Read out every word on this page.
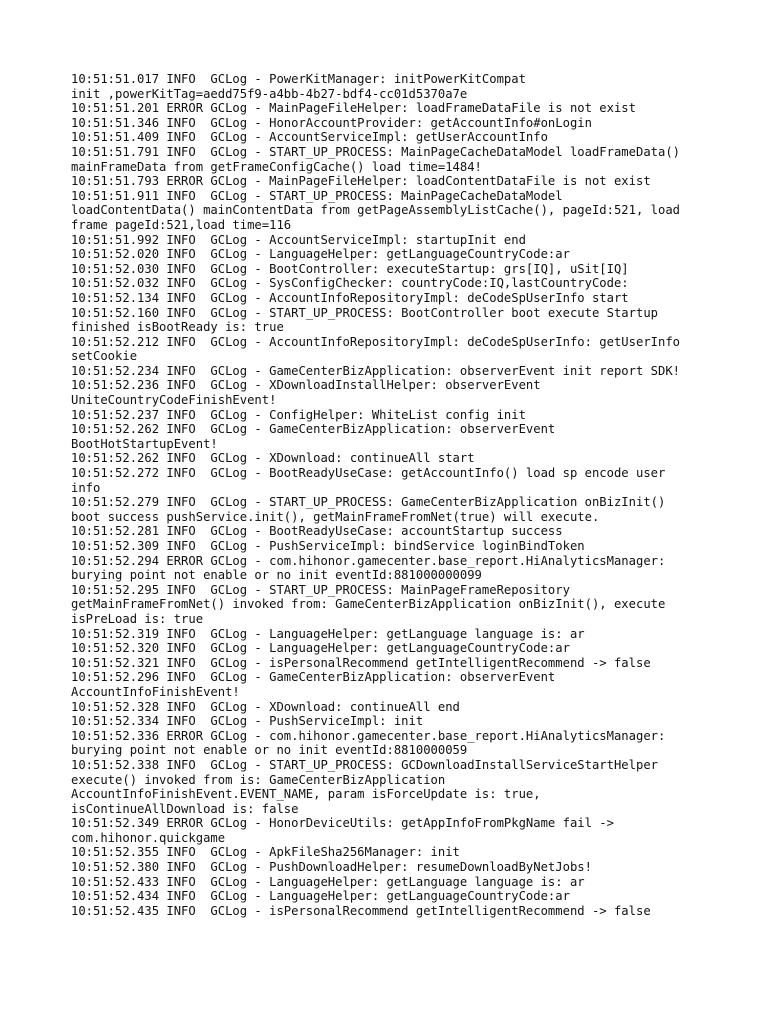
10:51:51.017 INFO  GCLog - PowerKitManager: initPowerKitCompat
init ,powerKitTag=aedd75f9-a4bb-4b27-bdf4-cc01d5370a7e
10:51:51.201 ERROR GCLog - MainPageFileHelper: loadFrameDataFile is not exist
10:51:51.346 INFO  GCLog - HonorAccountProvider: getAccountInfo#onLogin
10:51:51.409 INFO  GCLog - AccountServiceImpl: getUserAccountInfo
10:51:51.791 INFO  GCLog - START_UP_PROCESS: MainPageCacheDataModel loadFrameData()
mainFrameData from getFrameConfigCache() load time=1484!
10:51:51.793 ERROR GCLog - MainPageFileHelper: loadContentDataFile is not exist
10:51:51.911 INFO  GCLog - START_UP_PROCESS: MainPageCacheDataModel
loadContentData() mainContentData from getPageAssemblyListCache(), pageId:521, load
frame pageId:521,load time=116
10:51:51.992 INFO  GCLog - AccountServiceImpl: startupInit end
10:51:52.020 INFO  GCLog - LanguageHelper: getLanguageCountryCode:ar
10:51:52.030 INFO  GCLog - BootController: executeStartup: grs[IQ], uSit[IQ]
10:51:52.032 INFO  GCLog - SysConfigChecker: countryCode:IQ,lastCountryCode:
10:51:52.134 INFO  GCLog - AccountInfoRepositoryImpl: deCodeSpUserInfo start
10:51:52.160 INFO  GCLog - START_UP_PROCESS: BootController boot execute Startup
finished isBootReady is: true
10:51:52.212 INFO  GCLog - AccountInfoRepositoryImpl: deCodeSpUserInfo: getUserInfo
setCookie
10:51:52.234 INFO  GCLog - GameCenterBizApplication: observerEvent init report SDK!
10:51:52.236 INFO  GCLog - XDownloadInstallHelper: observerEvent
UniteCountryCodeFinishEvent!
10:51:52.237 INFO  GCLog - ConfigHelper: WhiteList config init
10:51:52.262 INFO  GCLog - GameCenterBizApplication: observerEvent
BootHotStartupEvent!
10:51:52.262 INFO  GCLog - XDownload: continueAll start
10:51:52.272 INFO  GCLog - BootReadyUseCase: getAccountInfo() load sp encode user
info
10:51:52.279 INFO  GCLog - START_UP_PROCESS: GameCenterBizApplication onBizInit()
boot success pushService.init(), getMainFrameFromNet(true) will execute.
10:51:52.281 INFO  GCLog - BootReadyUseCase: accountStartup success
10:51:52.309 INFO  GCLog - PushServiceImpl: bindService loginBindToken
10:51:52.294 ERROR GCLog - com.hihonor.gamecenter.base_report.HiAnalyticsManager:
burying point not enable or no init eventId:881000000099
10:51:52.295 INFO  GCLog - START_UP_PROCESS: MainPageFrameRepository
getMainFrameFromNet() invoked from: GameCenterBizApplication onBizInit(), execute
isPreLoad is: true
10:51:52.319 INFO  GCLog - LanguageHelper: getLanguage language is: ar
10:51:52.320 INFO  GCLog - LanguageHelper: getLanguageCountryCode:ar
10:51:52.321 INFO  GCLog - isPersonalRecommend getIntelligentRecommend -> false
10:51:52.296 INFO  GCLog - GameCenterBizApplication: observerEvent
AccountInfoFinishEvent!
10:51:52.328 INFO  GCLog - XDownload: continueAll end
10:51:52.334 INFO  GCLog - PushServiceImpl: init
10:51:52.336 ERROR GCLog - com.hihonor.gamecenter.base_report.HiAnalyticsManager:
burying point not enable or no init eventId:8810000059
10:51:52.338 INFO  GCLog - START_UP_PROCESS: GCDownloadInstallServiceStartHelper
execute() invoked from is: GameCenterBizApplication
AccountInfoFinishEvent.EVENT_NAME, param isForceUpdate is: true,
isContinueAllDownload is: false
10:51:52.349 ERROR GCLog - HonorDeviceUtils: getAppInfoFromPkgName fail ->
com.hihonor.quickgame
10:51:52.355 INFO  GCLog - ApkFileSha256Manager: init
10:51:52.380 INFO  GCLog - PushDownloadHelper: resumeDownloadByNetJobs!
10:51:52.433 INFO  GCLog - LanguageHelper: getLanguage language is: ar
10:51:52.434 INFO  GCLog - LanguageHelper: getLanguageCountryCode:ar
10:51:52.435 INFO  GCLog - isPersonalRecommend getIntelligentRecommend -> false
